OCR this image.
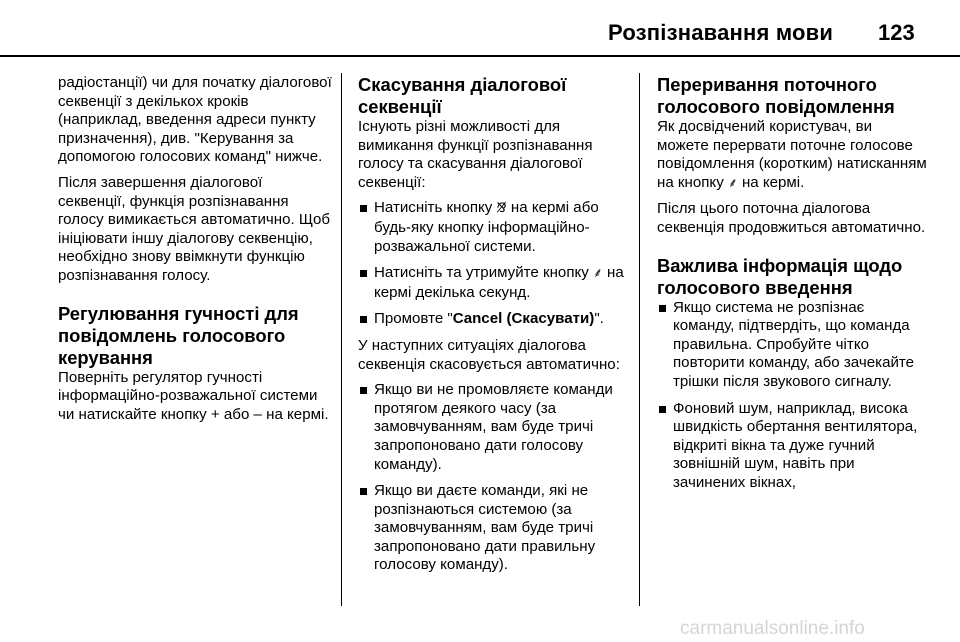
Розпізнавання мови 123

радіостанції) чи для початку діалогової секвенції з декількох кроків (наприклад, введення адреси пункту призначення), див. "Керування за допомогою голосових команд" нижче.

Після завершення діалогової секвенції, функція розпізнавання голосу вимикається автоматично. Щоб ініціювати іншу діалогову секвенцію, необхідно знову ввімкнути функцію розпізнавання голосу.

Регулювання гучності для повідомлень голосового керування

Поверніть регулятор гучності інформаційно-розважальної системи чи натискайте кнопку + або – на кермі.

Скасування діалогової секвенції

Існують різні можливості для вимикання функції розпізнавання голосу та скасування діалогової секвенції:

Натисніть кнопку ⅋̸ на кермі або будь-яку кнопку інформаційно-розважальної системи.
Натисніть та утримуйте кнопку ⸙ на кермі декілька секунд.
Промовте "Cancel (Скасувати)".

У наступних ситуаціях діалогова секвенція скасовується автоматично:

Якщо ви не промовляєте команди протягом деякого часу (за замовчуванням, вам буде тричі запропоновано дати голосову команду).
Якщо ви даєте команди, які не розпізнаються системою (за замовчуванням, вам буде тричі запропоновано дати правильну голосову команду).
Переривання поточного голосового повідомлення

Як досвідчений користувач, ви можете перервати поточне голосове повідомлення (коротким) натисканням на кнопку ⸙ на кермі.

Після цього поточна діалогова секвенція продовжиться автоматично.

Важлива інформація щодо голосового введення
Якщо система не розпізнає команду, підтвердіть, що команда правильна. Спробуйте чітко повторити команду, або зачекайте трішки після звукового сигналу.
Фоновий шум, наприклад, висока швидкість обертання вентилятора, відкриті вікна та дуже гучний зовнішній шум, навіть при зачинених вікнах,
carmanualsonline.info
